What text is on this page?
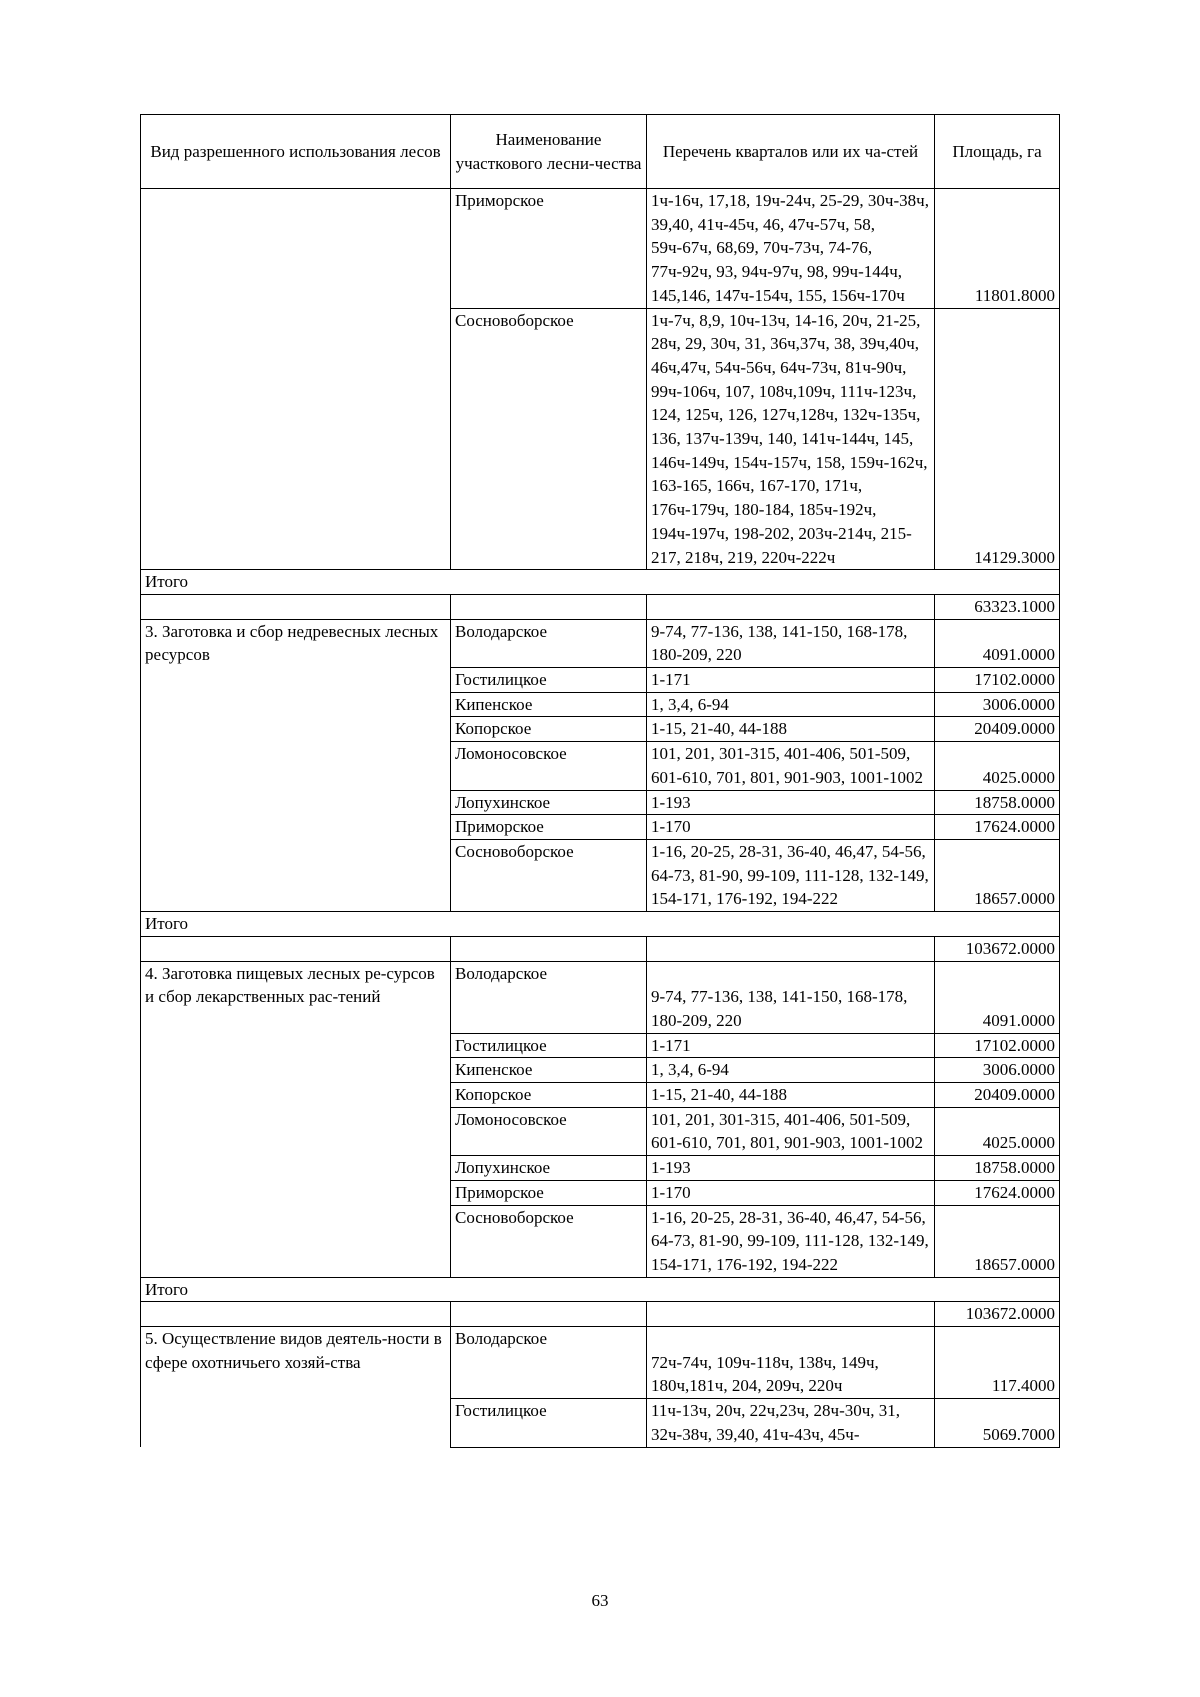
Вид разрешенного использования лесов	Наименование участкового лесни-чества	Перечень кварталов или их ча-стей	Площадь, га
	Приморское	1ч-16ч, 17,18, 19ч-24ч, 25-29, 30ч-38ч, 39,40, 41ч-45ч, 46, 47ч-57ч, 58, 59ч-67ч, 68,69, 70ч-73ч, 74-76, 77ч-92ч, 93, 94ч-97ч, 98, 99ч-144ч, 145,146, 147ч-154ч, 155, 156ч-170ч	11801.8000
	Сосновоборское	1ч-7ч, 8,9, 10ч-13ч, 14-16, 20ч, 21-25, 28ч, 29, 30ч, 31, 36ч,37ч, 38, 39ч,40ч, 46ч,47ч, 54ч-56ч, 64ч-73ч, 81ч-90ч, 99ч-106ч, 107, 108ч,109ч, 111ч-123ч, 124, 125ч, 126, 127ч,128ч, 132ч-135ч, 136, 137ч-139ч, 140, 141ч-144ч, 145, 146ч-149ч, 154ч-157ч, 158, 159ч-162ч, 163-165, 166ч, 167-170, 171ч, 176ч-179ч, 180-184, 185ч-192ч, 194ч-197ч, 198-202, 203ч-214ч, 215-217, 218ч, 219, 220ч-222ч	14129.3000
Итого			
			63323.1000
3. Заготовка и сбор недревесных лесных ресурсов	Володарское	9-74, 77-136, 138, 141-150, 168-178, 180-209, 220	4091.0000
	Гостилицкое	1-171	17102.0000
	Кипенское	1, 3,4, 6-94	3006.0000
	Копорское	1-15, 21-40, 44-188	20409.0000
	Ломоносовское	101, 201, 301-315, 401-406, 501-509, 601-610, 701, 801, 901-903, 1001-1002	4025.0000
	Лопухинское	1-193	18758.0000
	Приморское	1-170	17624.0000
	Сосновоборское	1-16, 20-25, 28-31, 36-40, 46,47, 54-56, 64-73, 81-90, 99-109, 111-128, 132-149, 154-171, 176-192, 194-222	18657.0000
Итого			
			103672.0000
4. Заготовка пищевых лесных ре-сурсов и сбор лекарственных рас-тений	Володарское	9-74, 77-136, 138, 141-150, 168-178, 180-209, 220	4091.0000
	Гостилицкое	1-171	17102.0000
	Кипенское	1, 3,4, 6-94	3006.0000
	Копорское	1-15, 21-40, 44-188	20409.0000
	Ломоносовское	101, 201, 301-315, 401-406, 501-509, 601-610, 701, 801, 901-903, 1001-1002	4025.0000
	Лопухинское	1-193	18758.0000
	Приморское	1-170	17624.0000
	Сосновоборское	1-16, 20-25, 28-31, 36-40, 46,47, 54-56, 64-73, 81-90, 99-109, 111-128, 132-149, 154-171, 176-192, 194-222	18657.0000
Итого			
			103672.0000
5. Осуществление видов деятель-ности в сфере охотничьего хозяй-ства	Володарское	72ч-74ч, 109ч-118ч, 138ч, 149ч, 180ч,181ч, 204, 209ч, 220ч	117.4000
	Гостилицкое	11ч-13ч, 20ч, 22ч,23ч, 28ч-30ч, 31, 32ч-38ч, 39,40, 41ч-43ч, 45ч-	5069.7000
63
